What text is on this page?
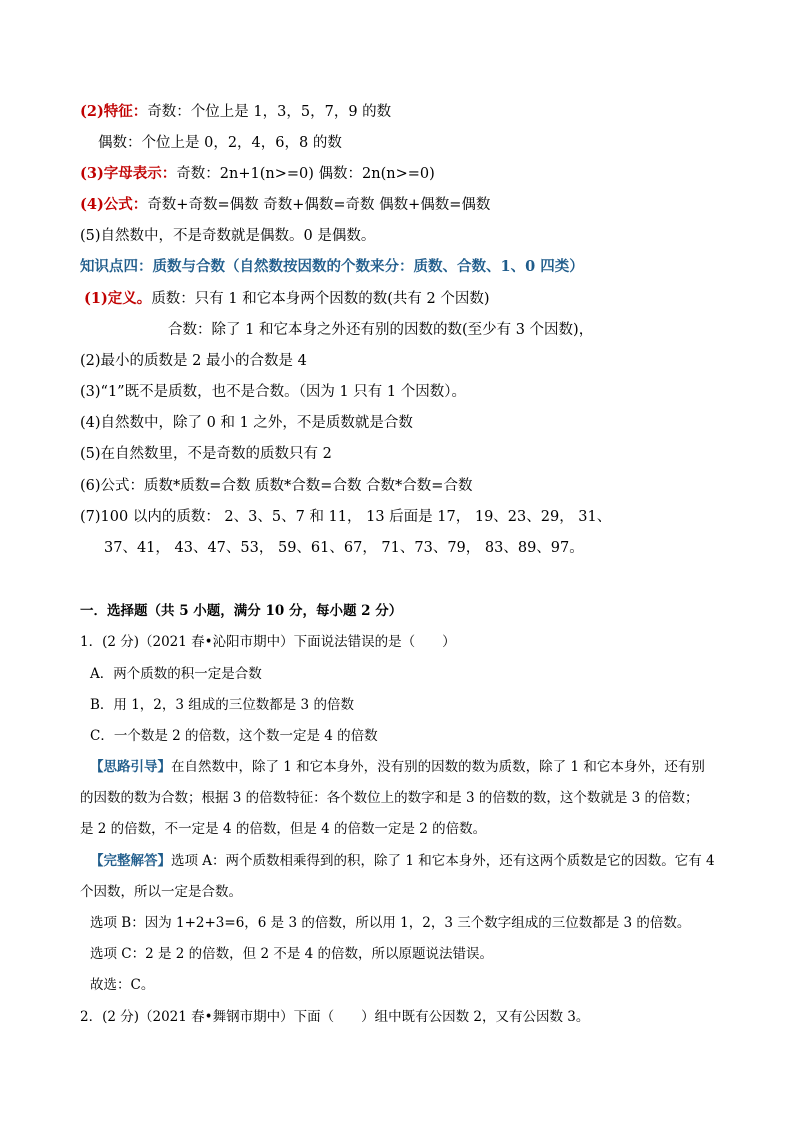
(2)特征：奇数：个位上是 1，3，5，7，9 的数
偶数：个位上是 0，2，4，6，8 的数
(3)字母表示：奇数：2n+1(n>=0) 偶数：2n(n>=0)
(4)公式：奇数+奇数=偶数 奇数+偶数=奇数 偶数+偶数=偶数
(5)自然数中，不是奇数就是偶数。0 是偶数。
知识点四：质数与合数（自然数按因数的个数来分：质数、合数、1、0 四类）
(1)定义。质数：只有 1 和它本身两个因数的数(共有 2 个因数)
合数：除了 1 和它本身之外还有别的因数的数(至少有 3 个因数)，
(2)最小的质数是 2 最小的合数是 4
(3)“1”既不是质数，也不是合数。（因为 1 只有 1 个因数）。
(4)自然数中，除了 0 和 1 之外，不是质数就是合数
(5)在自然数里，不是奇数的质数只有 2
(6)公式：质数*质数=合数 质数*合数=合数 合数*合数=合数
(7)100 以内的质数： 2、3、5、7 和 11， 13 后面是 17， 19、23、29， 31、
37、41， 43、47、53， 59、61、67， 71、73、79， 83、89、97。
一．选择题（共 5 小题，满分 10 分，每小题 2 分）
1．(2 分)（2021 春•沁阳市期中）下面说法错误的是（　　）
A．两个质数的积一定是合数
B．用 1，2，3 组成的三位数都是 3 的倍数
C．一个数是 2 的倍数，这个数一定是 4 的倍数
【思路引导】在自然数中，除了 1 和它本身外，没有别的因数的数为质数，除了 1 和它本身外，还有别
的因数的数为合数；根据 3 的倍数特征：各个数位上的数字和是 3 的倍数的数，这个数就是 3 的倍数；
是 2 的倍数，不一定是 4 的倍数，但是 4 的倍数一定是 2 的倍数。
【完整解答】选项 A：两个质数相乘得到的积，除了 1 和它本身外，还有这两个质数是它的因数。它有 4
个因数，所以一定是合数。
选项 B：因为 1+2+3=6，6 是 3 的倍数，所以用 1，2，3 三个数字组成的三位数都是 3 的倍数。
选项 C：2 是 2 的倍数，但 2 不是 4 的倍数，所以原题说法错误。
故选：C。
2．(2 分)（2021 春•舞钢市期中）下面（　　）组中既有公因数 2，又有公因数 3。
